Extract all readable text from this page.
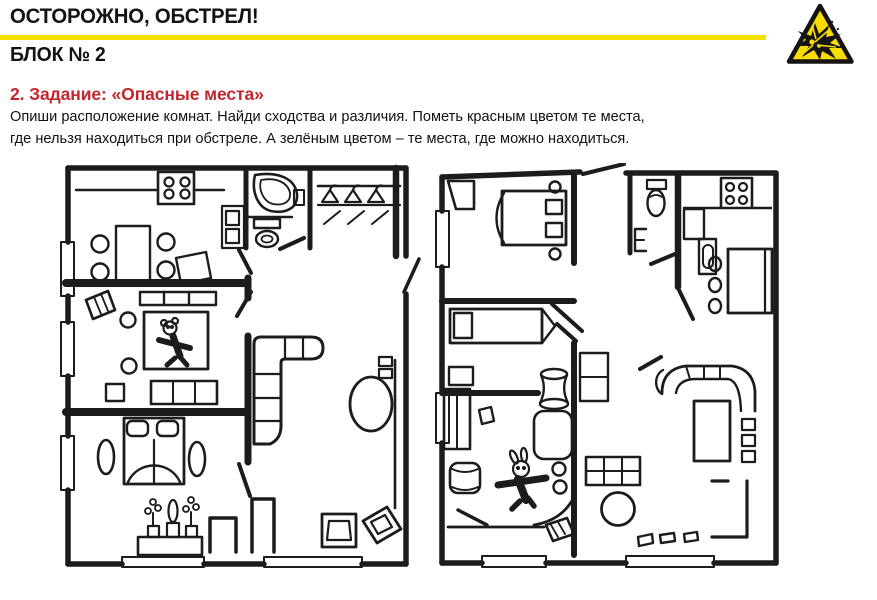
ОСТОРОЖНО, ОБСТРЕЛ!
БЛОК № 2
2. Задание: «Опасные места»
Опиши расположение комнат. Найди сходства и различия. Пометь красным цветом те места,
где нельзя находиться при обстреле. А зелёным цветом – те места, где можно находиться.
